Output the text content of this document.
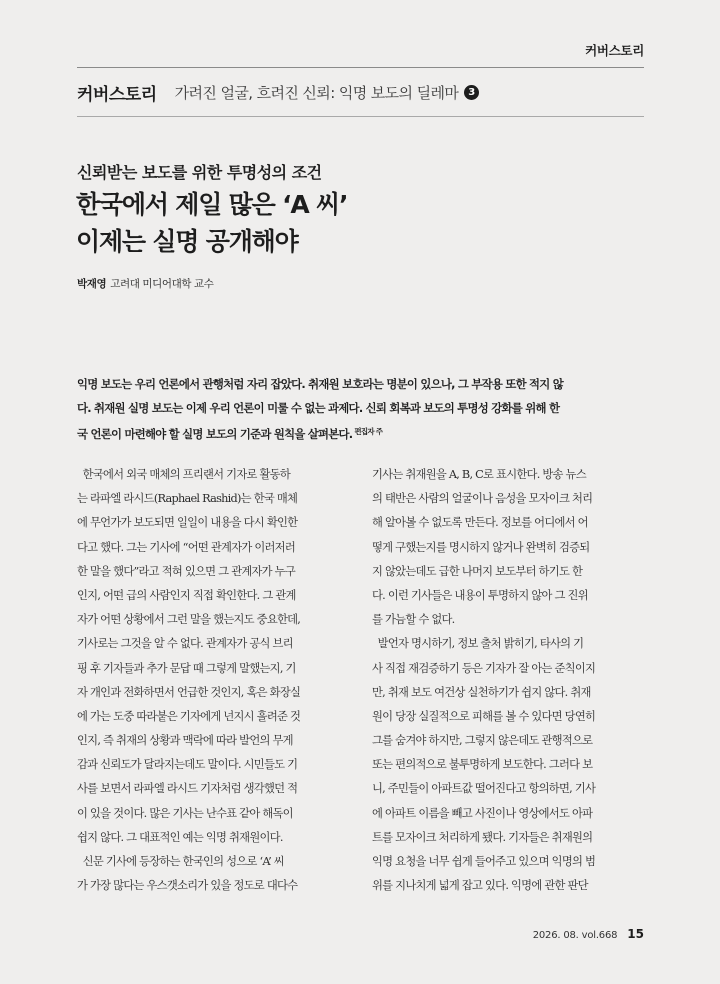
커버스토리
커버스토리 가려진 얼굴, 흐려진 신뢰: 익명 보도의 딜레마	3
신뢰받는 보도를 위한 투명성의 조건
한국에서 제일 많은 ‘A 씨’
이제는 실명 공개해야
박재영 고려대 미디어대학 교수
익명 보도는 우리 언론에서 관행처럼 자리 잡았다. 취재원 보호라는 명분이 있으나, 그 부작용 또한 적지 않
다. 취재원 실명 보도는 이제 우리 언론이 미룰 수 없는 과제다. 신뢰 회복과 보도의 투명성 강화를 위해 한
국 언론이 마련해야 할 실명 보도의 기준과 원칙을 살펴본다. $^{편집자 주}$
한국에서 외국 매체의 프리랜서 기자로 활동하
는 라파엘 라시드(Raphael Rashid)는 한국 매체
에 무언가가 보도되면 일일이 내용을 다시 확인한
다고 했다. 그는 기사에 “어떤 관계자가 이러저러
한 말을 했다”라고 적혀 있으면 그 관계자가 누구
인지, 어떤 급의 사람인지 직접 확인한다. 그 관계
자가 어떤 상황에서 그런 말을 했는지도 중요한데,
기사로는 그것을 알 수 없다. 관계자가 공식 브리
핑 후 기자들과 추가 문답 때 그렇게 말했는지, 기
자 개인과 전화하면서 언급한 것인지, 혹은 화장실
에 가는 도중 따라붙은 기자에게 넌지시 흘려준 것
인지, 즉 취재의 상황과 맥락에 따라 발언의 무게
감과 신뢰도가 달라지는데도 말이다. 시민들도 기
사를 보면서 라파엘 라시드 기자처럼 생각했던 적
이 있을 것이다. 많은 기사는 난수표 같아 해독이
쉽지 않다. 그 대표적인 예는 익명 취재원이다.
신문 기사에 등장하는 한국인의 성으로 ‘A’ 씨
가 가장 많다는 우스갯소리가 있을 정도로 대다수
기사는 취재원을 A, B, C로 표시한다. 방송 뉴스
의 태반은 사람의 얼굴이나 음성을 모자이크 처리
해 알아볼 수 없도록 만든다. 정보를 어디에서 어
떻게 구했는지를 명시하지 않거나 완벽히 검증되
지 않았는데도 급한 나머지 보도부터 하기도 한
다. 이런 기사들은 내용이 투명하지 않아 그 진위
를 가늠할 수 없다.
발언자 명시하기, 정보 출처 밝히기, 타사의 기
사 직접 재검증하기 등은 기자가 잘 아는 준칙이지
만, 취재 보도 여건상 실천하기가 쉽지 않다. 취재
원이 당장 실질적으로 피해를 볼 수 있다면 당연히
그를 숨겨야 하지만, 그렇지 않은데도 관행적으로
또는 편의적으로 불투명하게 보도한다. 그러다 보
니, 주민들이 아파트값 떨어진다고 항의하면, 기사
에 아파트 이름을 빼고 사진이나 영상에서도 아파
트를 모자이크 처리하게 됐다. 기자들은 취재원의
익명 요청을 너무 쉽게 들어주고 있으며 익명의 범
위를 지나치게 넓게 잡고 있다. 익명에 관한 판단
2026. 08. vol.668 15
